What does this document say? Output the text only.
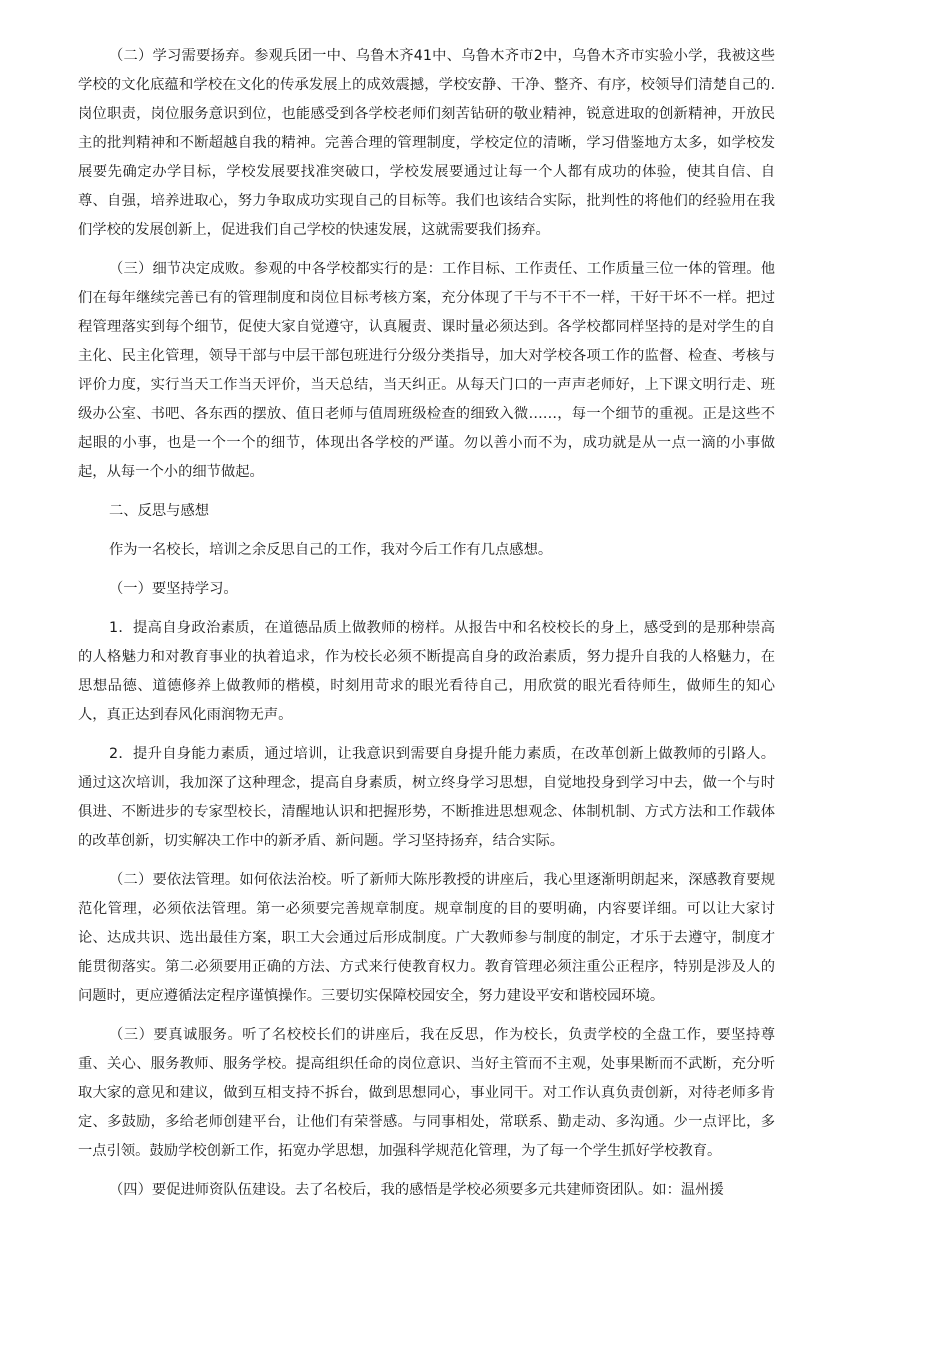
（二）学习需要扬弃。参观兵团一中、乌鲁木齐41中、乌鲁木齐市2中，乌鲁木齐市实验小学，我被这些学校的文化底蕴和学校在文化的传承发展上的成效震撼，学校安静、干净、整齐、有序，校领导们清楚自己的.岗位职责，岗位服务意识到位，也能感受到各学校老师们刻苦钻研的敬业精神，锐意进取的创新精神，开放民主的批判精神和不断超越自我的精神。完善合理的管理制度，学校定位的清晰，学习借鉴地方太多，如学校发展要先确定办学目标，学校发展要找准突破口，学校发展要通过让每一个人都有成功的体验，使其自信、自尊、自强，培养进取心，努力争取成功实现自己的目标等。我们也该结合实际，批判性的将他们的经验用在我们学校的发展创新上，促进我们自己学校的快速发展，这就需要我们扬弃。

（三）细节决定成败。参观的中各学校都实行的是：工作目标、工作责任、工作质量三位一体的管理。他们在每年继续完善已有的管理制度和岗位目标考核方案，充分体现了干与不干不一样，干好干坏不一样。把过程管理落实到每个细节，促使大家自觉遵守，认真履责、课时量必须达到。各学校都同样坚持的是对学生的自主化、民主化管理，领导干部与中层干部包班进行分级分类指导，加大对学校各项工作的监督、检查、考核与评价力度，实行当天工作当天评价，当天总结，当天纠正。从每天门口的一声声老师好，上下课文明行走、班级办公室、书吧、各东西的摆放、值日老师与值周班级检查的细致入微……，每一个细节的重视。正是这些不起眼的小事，也是一个一个的细节，体现出各学校的严谨。勿以善小而不为，成功就是从一点一滴的小事做起，从每一个小的细节做起。

二、反思与感想

作为一名校长，培训之余反思自己的工作，我对今后工作有几点感想。

（一）要坚持学习。

1．提高自身政治素质，在道德品质上做教师的榜样。从报告中和名校校长的身上，感受到的是那种崇高的人格魅力和对教育事业的执着追求，作为校长必须不断提高自身的政治素质，努力提升自我的人格魅力，在思想品德、道德修养上做教师的楷模，时刻用苛求的眼光看待自己，用欣赏的眼光看待师生，做师生的知心人，真正达到春风化雨润物无声。

2．提升自身能力素质，通过培训，让我意识到需要自身提升能力素质，在改革创新上做教师的引路人。通过这次培训，我加深了这种理念，提高自身素质，树立终身学习思想，自觉地投身到学习中去，做一个与时俱进、不断进步的专家型校长，清醒地认识和把握形势，不断推进思想观念、体制机制、方式方法和工作载体的改革创新，切实解决工作中的新矛盾、新问题。学习坚持扬弃，结合实际。

（二）要依法管理。如何依法治校。听了新师大陈彤教授的讲座后，我心里逐渐明朗起来，深感教育要规范化管理，必须依法管理。第一必须要完善规章制度。规章制度的目的要明确，内容要详细。可以让大家讨论、达成共识、选出最佳方案，职工大会通过后形成制度。广大教师参与制度的制定，才乐于去遵守，制度才能贯彻落实。第二必须要用正确的方法、方式来行使教育权力。教育管理必须注重公正程序，特别是涉及人的问题时，更应遵循法定程序谨慎操作。三要切实保障校园安全，努力建设平安和谐校园环境。

（三）要真诚服务。听了名校校长们的讲座后，我在反思，作为校长，负责学校的全盘工作，要坚持尊重、关心、服务教师、服务学校。提高组织任命的岗位意识、当好主管而不主观，处事果断而不武断，充分听取大家的意见和建议，做到互相支持不拆台，做到思想同心，事业同干。对工作认真负责创新，对待老师多肯定、多鼓励，多给老师创建平台，让他们有荣誉感。与同事相处，常联系、勤走动、多沟通。少一点评比，多一点引领。鼓励学校创新工作，拓宽办学思想，加强科学规范化管理，为了每一个学生抓好学校教育。

（四）要促进师资队伍建设。去了名校后，我的感悟是学校必须要多元共建师资团队。如：温州援
